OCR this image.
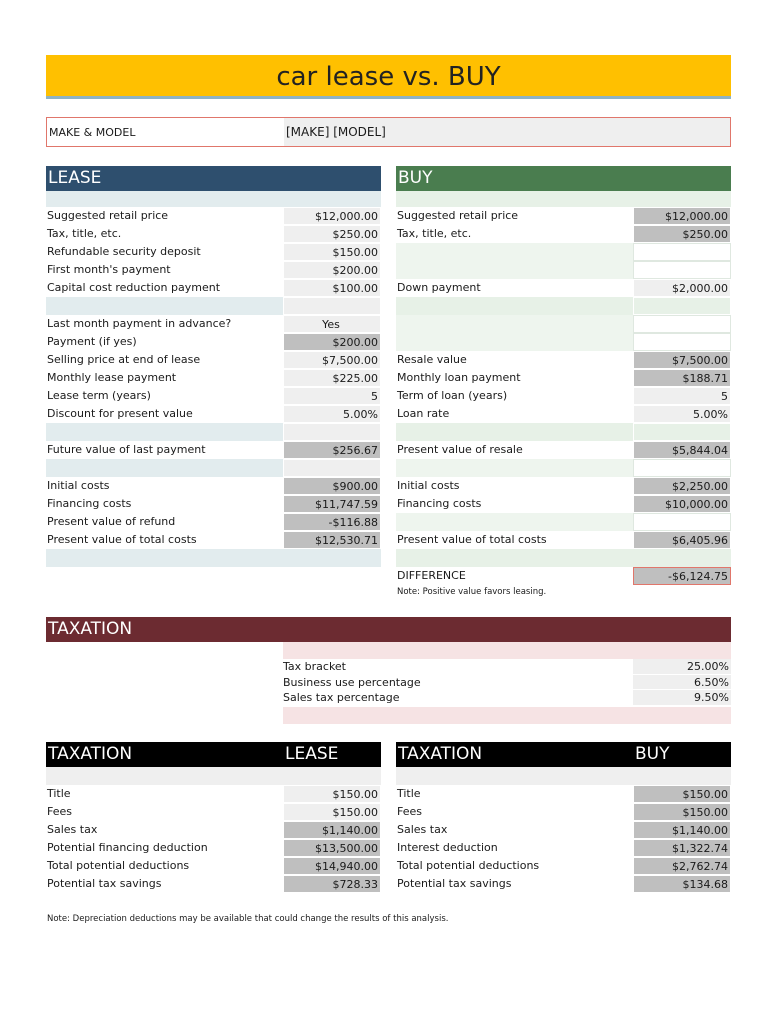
car lease vs. BUY
MAKE & MODEL	[MAKE] [MODEL]
LEASE
Suggested retail price	$12,000.00
Tax, title, etc.	$250.00
Refundable security deposit	$150.00
First month's payment	$200.00
Capital cost reduction payment	$100.00
Last month payment in advance?	Yes
Payment (if yes)	$200.00
Selling price at end of lease	$7,500.00
Monthly lease payment	$225.00
Lease term (years)	5
Discount for present value	5.00%
Future value of last payment	$256.67
Initial costs	$900.00
Financing costs	$11,747.59
Present value of refund	-$116.88
Present value of total costs	$12,530.71
BUY
Suggested retail price	$12,000.00
Tax, title, etc.	$250.00
Down payment	$2,000.00
Resale value	$7,500.00
Monthly loan payment	$188.71
Term of loan (years)	5
Loan rate	5.00%
Present value of resale	$5,844.04
Initial costs	$2,250.00
Financing costs	$10,000.00
Present value of total costs	$6,405.96
DIFFERENCE	-$6,124.75
Note: Positive value favors leasing.
TAXATION
Tax bracket	25.00%
Business use percentage	6.50%
Sales tax percentage	9.50%
TAXATION	LEASE
Title	$150.00
Fees	$150.00
Sales tax	$1,140.00
Potential financing deduction	$13,500.00
Total potential deductions	$14,940.00
Potential tax savings	$728.33
TAXATION	BUY
Title	$150.00
Fees	$150.00
Sales tax	$1,140.00
Interest deduction	$1,322.74
Total potential deductions	$2,762.74
Potential tax savings	$134.68
Note: Depreciation deductions may be available that could change the results of this analysis.
